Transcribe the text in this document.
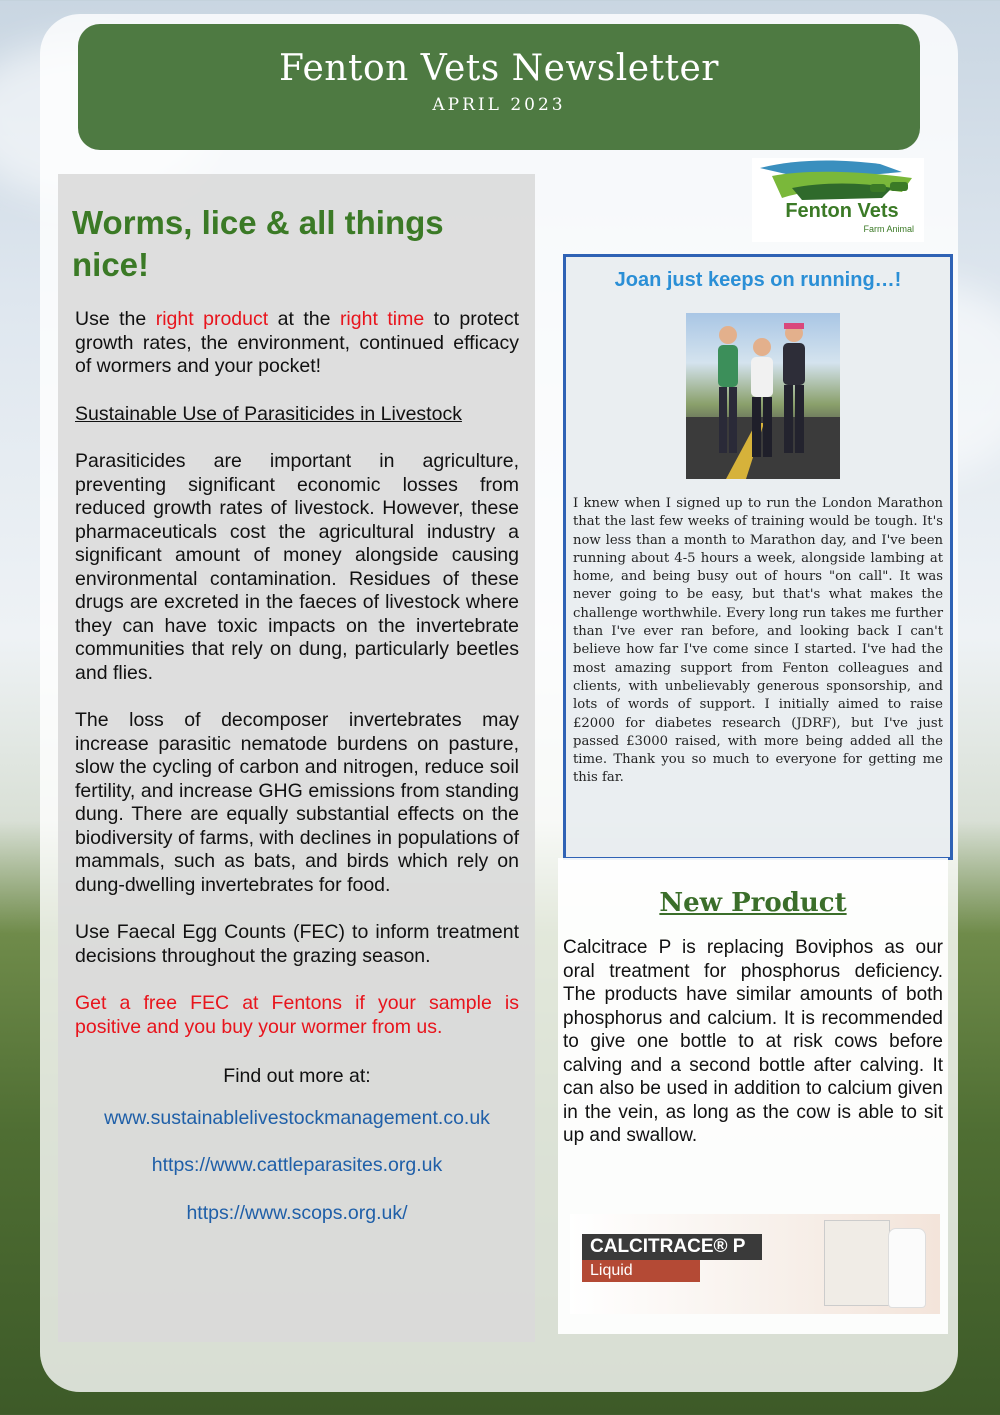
Fenton Vets Newsletter
APRIL 2023
Worms, lice & all things nice!

Use the right product at the right time to protect growth rates, the environment, continued efficacy of wormers and your pocket!

Sustainable Use of Parasiticides in Livestock

Parasiticides are important in agriculture, preventing significant economic losses from reduced growth rates of livestock. However, these pharmaceuticals cost the agricultural industry a significant amount of money alongside causing environmental contamination. Residues of these drugs are excreted in the faeces of livestock where they can have toxic impacts on the invertebrate communities that rely on dung, particularly beetles and flies.

The loss of decomposer invertebrates may increase parasitic nematode burdens on pasture, slow the cycling of carbon and nitrogen, reduce soil fertility, and increase GHG emissions from standing dung. There are equally substantial effects on the biodiversity of farms, with declines in populations of mammals, such as bats, and birds which rely on dung-dwelling invertebrates for food.

Use Faecal Egg Counts (FEC) to inform treatment decisions throughout the grazing season.

Get a free FEC at Fentons if your sample is positive and you buy your wormer from us.

Find out more at:

www.sustainablelivestockmanagement.co.uk

https://www.cattleparasites.org.uk

https://www.scops.org.uk/

Fenton Vets
Farm Animal
Joan just keeps on running…!
I knew when I signed up to run the London Marathon that the last few weeks of training would be tough. It's now less than a month to Marathon day, and I've been running about 4-5 hours a week, alongside lambing at home, and being busy out of hours "on call". It was never going to be easy, but that's what makes the challenge worthwhile. Every long run takes me further than I've ever ran before, and looking back I can't believe how far I've come since I started. I've had the most amazing support from Fenton colleagues and clients, with unbelievably generous sponsorship, and lots of words of support. I initially aimed to raise £2000 for diabetes research (JDRF), but I've just passed £3000 raised, with more being added all the time. Thank you so much to everyone for getting me this far.
New Product
Calcitrace P is replacing Boviphos as our oral treatment for phosphorus deficiency. The products have similar amounts of both phosphorus and calcium. It is recommended to give one bottle to at risk cows before calving and a second bottle after calving. It can also be used in addition to calcium given in the vein, as long as the cow is able to sit up and swallow.
CALCITRACE® P
Liquid
